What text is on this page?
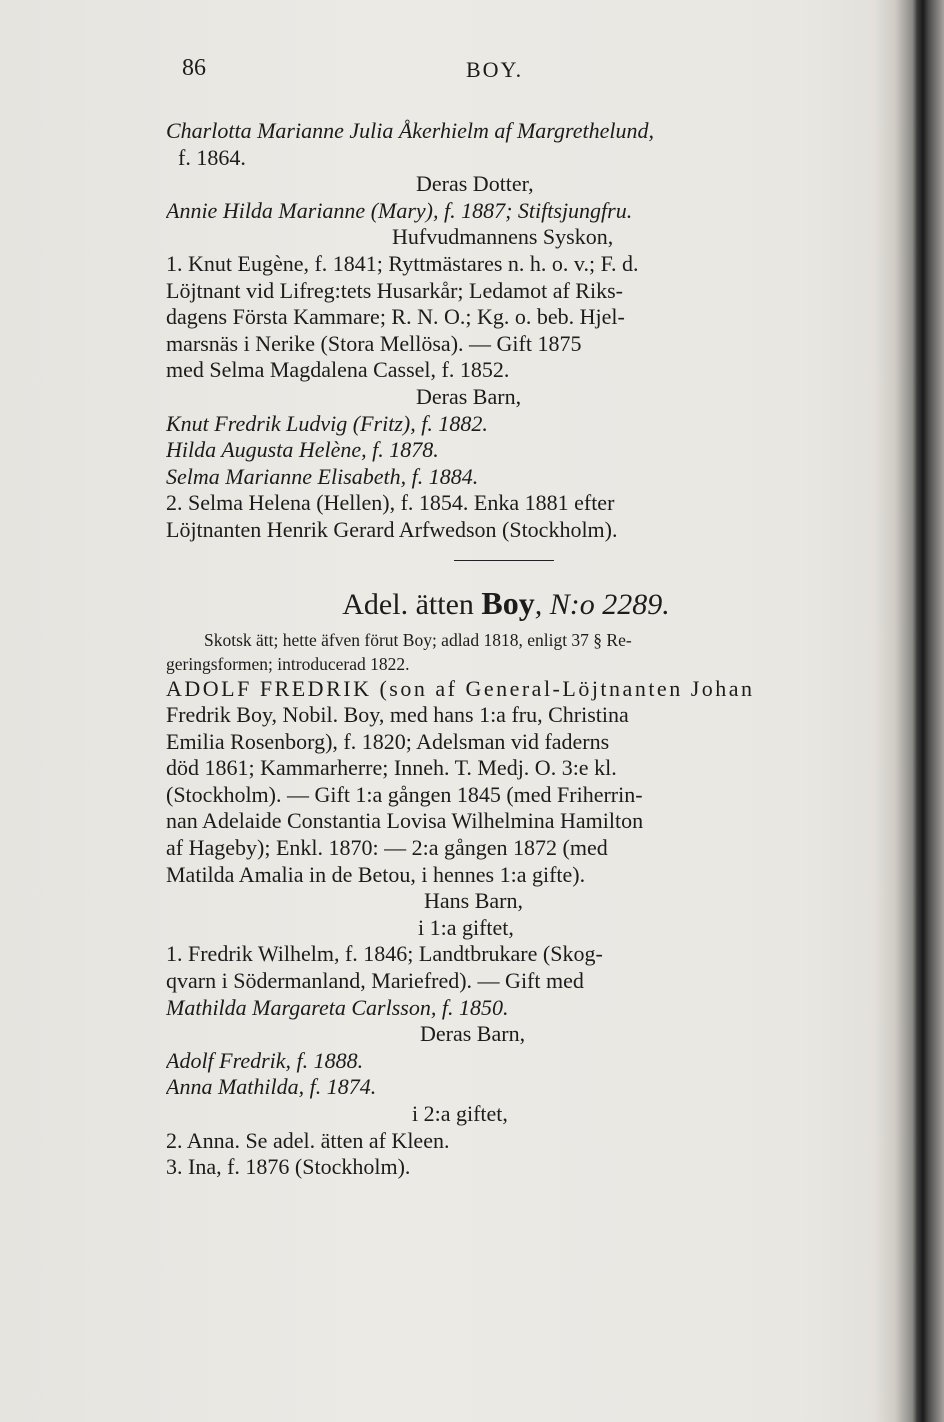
86	BOY.
Charlotta Marianne Julia Åkerhielm af Margrethelund,
f. 1864.
Deras Dotter,
Annie Hilda Marianne (Mary), f. 1887; Stiftsjungfru.
Hufvudmannens Syskon,
1. Knut Eugène, f. 1841; Ryttmästares n. h. o. v.; F. d.
Löjtnant vid Lifreg:tets Husarkår; Ledamot af Riks-
dagens Första Kammare; R. N. O.; Kg. o. beb. Hjel-
marsnäs i Nerike (Stora Mellösa). — Gift 1875
med Selma Magdalena Cassel, f. 1852.
Deras Barn,
Knut Fredrik Ludvig (Fritz), f. 1882.
Hilda Augusta Helène, f. 1878.
Selma Marianne Elisabeth, f. 1884.
2. Selma Helena (Hellen), f. 1854. Enka 1881 efter
Löjtnanten Henrik Gerard Arfwedson (Stockholm).
Adel. ätten Boy, N:o 2289.
Skotsk ätt; hette äfven förut Boy; adlad 1818, enligt 37 § Re-
geringsformen; introducerad 1822.
ADOLF FREDRIK (son af General-Löjtnanten Johan
Fredrik Boy, Nobil. Boy, med hans 1:a fru, Christina
Emilia Rosenborg), f. 1820; Adelsman vid faderns
död 1861; Kammarherre; Inneh. T. Medj. O. 3:e kl.
(Stockholm). — Gift 1:a gången 1845 (med Friherrin-
nan Adelaide Constantia Lovisa Wilhelmina Hamilton
af Hageby); Enkl. 1870: — 2:a gången 1872 (med
Matilda Amalia in de Betou, i hennes 1:a gifte).
Hans Barn,
i 1:a giftet,
1. Fredrik Wilhelm, f. 1846; Landtbrukare (Skog-
qvarn i Södermanland, Mariefred). — Gift med
Mathilda Margareta Carlsson, f. 1850.
Deras Barn,
Adolf Fredrik, f. 1888.
Anna Mathilda, f. 1874.
i 2:a giftet,
2. Anna. Se adel. ätten af Kleen.
3. Ina, f. 1876 (Stockholm).
